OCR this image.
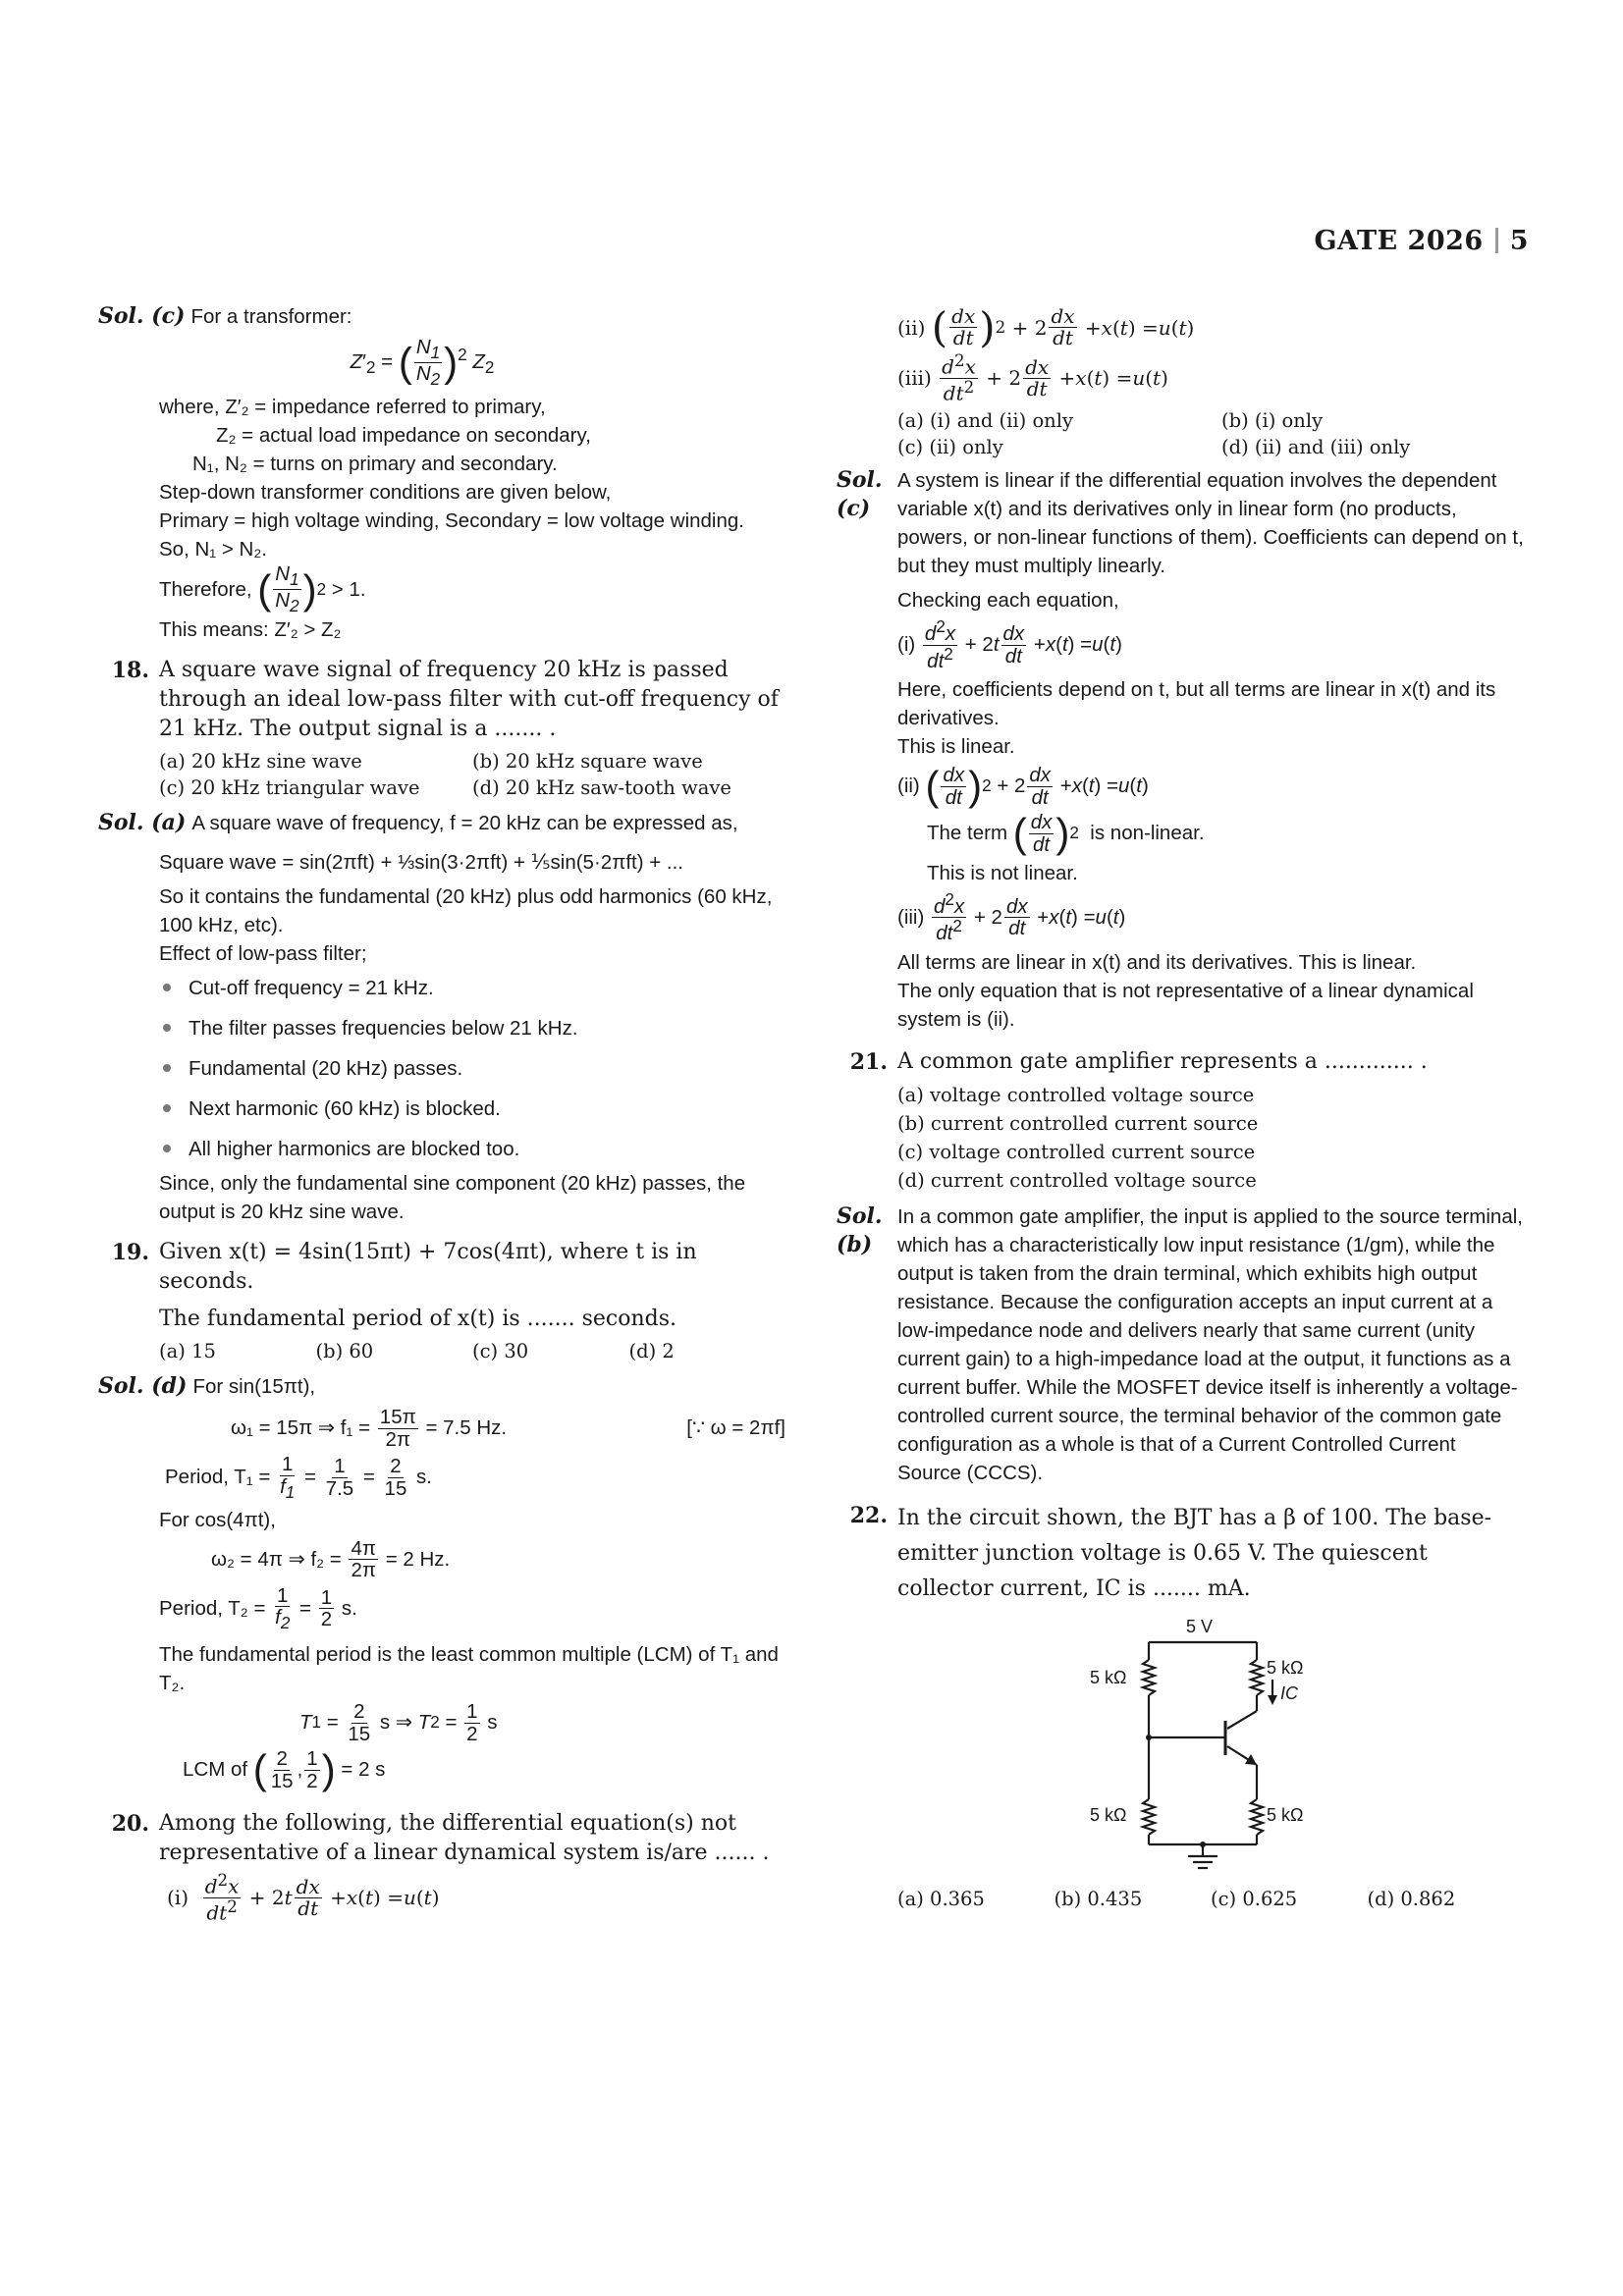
GATE 2026 5
Sol. (c) For a transformer:
$Z'_2$ = ( $\frac{N_1}{N_2} )^2$ $Z_2$
where, Z′₂ = impedance referred to primary,
Z₂ = actual load impedance on secondary,
N₁, N₂ = turns on primary and secondary.
Step-down transformer conditions are given below,
Primary = high voltage winding, Secondary = low voltage winding.
So, N₁ > N₂.
Therefore,
( $\frac{N_1}{N_2}$ ) 2
> 1.
This means: Z′₂ > Z₂
18. A square wave signal of frequency 20 kHz is passed through an ideal low-pass filter with cut-off frequency of 21 kHz. The output signal is a ....... .
(a) 20 kHz sine wave	(b) 20 kHz square wave
(c) 20 kHz triangular wave	(d) 20 kHz saw-tooth wave
Sol. (a) A square wave of frequency, f = 20 kHz can be expressed as,
Square wave = sin(2πft) + ⅓sin(3·2πft) + ⅕sin(5·2πft) + ...
So it contains the fundamental (20 kHz) plus odd harmonics (60 kHz, 100 kHz, etc).
Effect of low-pass filter;
Cut-off frequency = 21 kHz.
The filter passes frequencies below 21 kHz.
Fundamental (20 kHz) passes.
Next harmonic (60 kHz) is blocked.
All higher harmonics are blocked too.
Since, only the fundamental sine component (20 kHz) passes, the output is 20 kHz sine wave.
19. Given x(t) = 4sin(15πt) + 7cos(4πt), where t is in seconds.
The fundamental period of x(t) is ....... seconds.
(a) 15	(b) 60	(c) 30	(d) 2
Sol. (d) For sin(15πt),
ω₁ = 15π ⇒ f₁ =
$\frac{15\pi}{2\pi}$
= 7.5 Hz.	[∵ ω = 2πf]
Period, T₁ =
$\frac{1}{f_1} = \frac{1}{7.5} = \frac{2}{15} s$.
For cos(4πt),
ω₂ = 4π ⇒ f₂ =
$\frac{4\pi}{2\pi}$
= 2 Hz.
Period, T₂ =
$\frac{1}{f_2} = \frac{1}{2} s$.
The fundamental period is the least common multiple (LCM) of T₁ and T₂.
T $1 = \frac{2}{15}$ s ⇒ T $2 = \frac{1}{2}$ s
LCM of
( $\frac{2}{15}$ , $\frac{1}{2}$ )
= 2 s
20. Among the following, the differential equation(s) not representative of a linear dynamical system is/are ...... .
$(i) \frac{d^2x}{dt^2} + 2$ t $\frac{dx}{dt} + x$ ( t ) = u ( t )
(ii) ( $\frac{dx}{dt}$ ) $2 + 2 \frac{dx}{dt} + x$ ( t ) = u ( t )
$(iii) \frac{d^2x}{dt^2} + 2 \frac{dx}{dt} + x$ ( t ) = u ( t )
(a) (i) and (ii) only	(b) (i) only
(c) (ii) only	(d) (ii) and (iii) only
Sol. (c)
A system is linear if the differential equation involves the dependent variable x(t) and its derivatives only in linear form (no products, powers, or non-linear functions of them). Coefficients can depend on t, but they must multiply linearly.
Checking each equation,
$(i) \frac{d^2x}{dt^2} + 2$ t $\frac{dx}{dt} + x$ ( t ) = u ( t )
Here, coefficients depend on t, but all terms are linear in x(t) and its derivatives.
This is linear.
(ii) ( $\frac{dx}{dt}$ ) $2 + 2 \frac{dx}{dt} + x$ ( t ) = u ( t )
The term
( $\frac{dx}{dt}$ ) 2
is non-linear.
This is not linear.
$(iii) \frac{d^2x}{dt^2} + 2 \frac{dx}{dt} + x$ ( t ) = u ( t )
All terms are linear in x(t) and its derivatives. This is linear.
The only equation that is not representative of a linear dynamical system is (ii).
21. A common gate amplifier represents a ............. .
(a) voltage controlled voltage source
(b) current controlled current source
(c) voltage controlled current source
(d) current controlled voltage source
Sol. (b)
In a common gate amplifier, the input is applied to the source terminal, which has a characteristically low input resistance (1/gm), while the output is taken from the drain terminal, which exhibits high output resistance. Because the configuration accepts an input current at a low-impedance node and delivers nearly that same current (unity current gain) to a high-impedance load at the output, it functions as a current buffer. While the MOSFET device itself is inherently a voltage-controlled current source, the terminal behavior of the common gate configuration as a whole is that of a Current Controlled Current Source (CCCS).
22. In the circuit shown, the BJT has a β of 100. The base-emitter junction voltage is 0.65 V. The quiescent collector current, IC is ....... mA.
5 V
5 kΩ	5 kΩ
IC
5 kΩ	5 kΩ
(a) 0.365	(b) 0.435	(c) 0.625	(d) 0.862
